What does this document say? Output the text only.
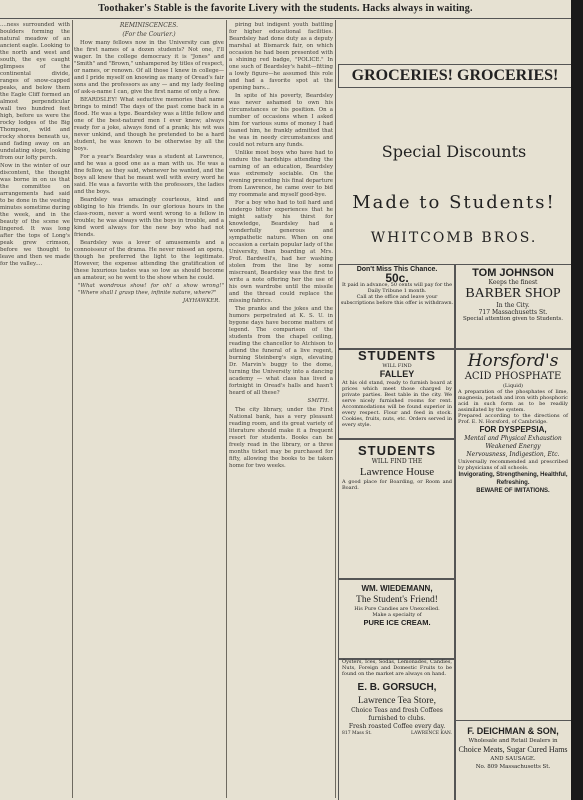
Toothaker's Stable is the favorite Livery with the students. Hacks always in waiting.

....ness surrounded with boulders forming the natural meadow of an ancient eagle. Looking to the north and west and south, the eye caught glimpses of the continental divide, ranges of snow-capped peaks, and below them the Eagle Cliff formed an almost perpendicular wall two hundred feet high, before us were the rocky lodges of the Big Thompson, wild and rocky shores beneath us, and fading away on an undulating slope, looking from our lofty perch.

Now in the winter of our discontent, the thought was borne in on us that the committee on arrangements had said to be done in the vesting minutes sometime during the week, and in the beauty of the scene we lingered. It was long after the tops of Long's peak grew crimson, before we thought to leave and then we made for the valley....

REMINISCENCES.
(For the Courier.)

How many fellows now in the University can give the first names of a dozen students? Not one, I'll wager. In the college democracy it is "Jones" and "Smith" and "Brown," unhampered by titles of respect, or names, or renown. Of all those I knew in college—and I pride myself on knowing as many of Oread's fair sons and the professors as any — and my lady feeling of ask-a-name I can, give the first name of only a few.

BEARDSLEY! What seductive memories that name brings to mind! The days of the past come back in a flood. He was a type. Beardsley was a little fellow and one of the best-natured men I ever knew; always ready for a joke, always fond of a prank; his wit was never unkind, and though he pretended to be a hard student, he was known to be otherwise by all the boys.

For a year's Beardsley was a student at Lawrence, and he was a good one as a man with us. He was a fine fellow, as they said, whenever he wanted, and the boys all knew that he meant well with every word he said. He was a favorite with the professors, the ladies and the boys.

Beardsley was amazingly courteous, kind and obliging to his friends. In our glorious hours in the class-room, never a word went wrong to a fellow in trouble; he was always with the boys in trouble, and a kind word always for the new boy who had not friends.

Beardsley was a lover of amusements and a connoisseur of the drama. He never missed an opera, though he preferred the light to the legitimate. However, the expense attending the gratification of these luxurious tastes was so low as should become an amateur, so he went to the show when he could.

"What wondrous show! for oh! a show wrong!" "Where shall I grasp thee, infinite nature, where?"

JAYHAWKER.

piring but indigent youth battling for higher educational facilities. Beardsley had done duty as a deputy marshal at Bismarck fair, on which occasion he had been presented with a shining red badge, "POLICE." In one such of Beardsley's habit—fitting a lowly figure—he assumed this role and had a favorite spot at the opening bars...

In spite of his poverty, Beardsley was never ashamed to own his circumstances or his position. On a number of occasions when I asked him for various sums of money I had loaned him, he frankly admitted that he was in needy circumstances and could not return any funds.

Unlike most boys who have had to endure the hardships attending the earning of an education, Beardsley was extremely sociable. On the evening preceding his final departure from Lawrence, he came over to bid my roommate and myself good-bye.

For a boy who had to toil hard and undergo bitter experiences that he might satisfy his thirst for knowledge, Beardsley had a wonderfully generous and sympathetic nature. When on one occasion a certain popular lady of the University, then boarding at Mrs. Prof. Bardwell's, had her washing stolen from the line by some miscreant, Beardsley was the first to write a note offering her the use of his own wardrobe until the missile and the thread could replace the missing fabrics.

The pranks and the jokes and the humors perpetrated at K. S. U. in bygone days have become matters of legend. The comparison of the students from the chapel ceiling, reading the chancellor to Atchison to attend the funeral of a live regent, burning Steinberg's sign, elevating Dr. Marvin's buggy to the dome, turning the University into a dancing academy — what class has lived a fortnight in Oread's halls and hasn't heard of all these?

SMITH.

The city library, under the First National bank, has a very pleasant reading room, and its great variety of literature should make it a frequent resort for students. Books can be freely read in the library, or a three months ticket may be purchased for fifty, allowing the books to be taken home for two weeks.

GROCERIES! GROCERIES!
Special Discounts
Made to Students!
WHITCOMB BROS.
Don't Miss This Chance.
50c.
It paid in advance, 50 cents will pay for the Daily Tribune 1 month.
Call at the office and leave your subscriptions before this offer is withdrawn.
TOM JOHNSON
Keeps the finest
BARBER SHOP
In the City.
717 Massachusetts St.
Special attention given to Students.
STUDENTS
WILL FIND
FALLEY

At his old stand, ready to furnish board at prices which meet those charged by private parties. Best table in the city. We serve nicely furnished rooms for rent. Accommodations will be found superior in every respect. Flour and feed in stock. Cookies, fruits, nuts, etc. Orders served in every style.

Horsford's
ACID PHOSPHATE
(Liquid)

A preparation of the phosphates of lime, magnesia, potash and iron with phosphoric acid in such form as to be readily assimilated by the system.

Prepared according to the directions of Prof. E. N. Horsford, of Cambridge.

FOR DYSPEPSIA,
Mental and Physical Exhaustion
Weakened Energy
Nervousness, Indigestion, Etc.

Universally recommended and prescribed by physicians of all schools.

Invigorating, Strengthening, Healthful, Refreshing.
BEWARE OF IMITATIONS.
STUDENTS
WILL FIND THE
Lawrence House

A good place for Boarding, or Room and Board.

WM. WIEDEMANN,
The Student's Friend!
His Pure Candies are Unexcelled.
Make a specialty of
PURE ICE CREAM.

Oysters, Ices, Sodas, Lemonades, Candies, Nuts, Foreign and Domestic Fruits to be found on the market are always on hand.

E. B. GORSUCH,
Lawrence Tea Store,
Choice Teas and fresh Coffees furnished to clubs.
Fresh roasted Coffee every day.
817 Mass St.	LAWRENCE KAN.	F. DEICHMAN & SON,
Wholesale and Retail Dealers in
Choice Meats, Sugar Cured Hams
AND SAUSAGE.
No. 809 Massachusetts St.
